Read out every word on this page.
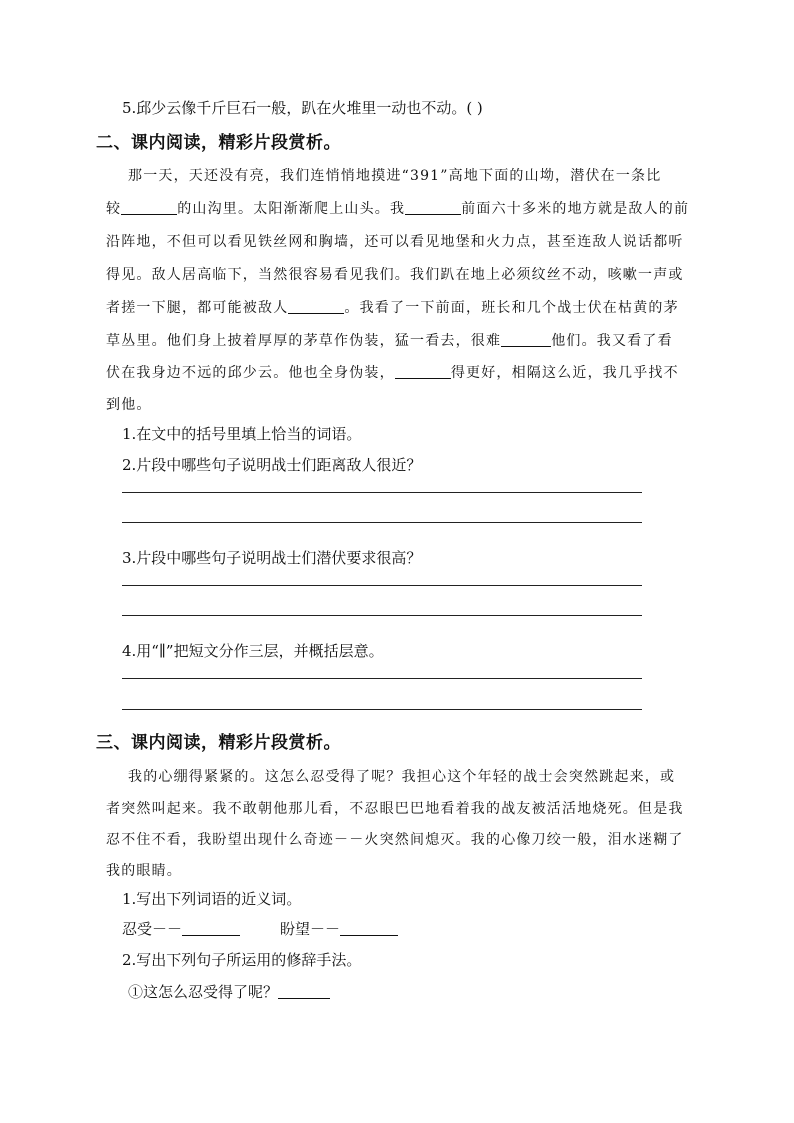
5.邱少云像千斤巨石一般，趴在火堆里一动也不动。( )
二、课内阅读，精彩片段赏析。
那一天，天还没有亮，我们连悄悄地摸进“391”高地下面的山坳，潜伏在一条比
较	的山沟里。太阳渐渐爬上山头。我	前面六十多米的地方就是敌人的前
沿阵地，不但可以看见铁丝网和胸墙，还可以看见地堡和火力点，甚至连敌人说话都听
得见。敌人居高临下，当然很容易看见我们。我们趴在地上必须纹丝不动，咳嗽一声或
者搓一下腿，都可能被敌人	。我看了一下前面，班长和几个战士伏在枯黄的茅
草丛里。他们身上披着厚厚的茅草作伪装，猛一看去，很难	他们。我又看了看
伏在我身边不远的邱少云。他也全身伪装，	得更好，相隔这么近，我几乎找不
到他。
1.在文中的括号里填上恰当的词语。
2.片段中哪些句子说明战士们距离敌人很近？
3.片段中哪些句子说明战士们潜伏要求很高？
4.用“∥”把短文分作三层，并概括层意。
三、课内阅读，精彩片段赏析。
我的心绷得紧紧的。这怎么忍受得了呢？我担心这个年轻的战士会突然跳起来，或
者突然叫起来。我不敢朝他那儿看，不忍眼巴巴地看着我的战友被活活地烧死。但是我
忍不住不看，我盼望出现什么奇迹－－火突然间熄灭。我的心像刀绞一般，泪水迷糊了
我的眼睛。
1.写出下列词语的近义词。
忍受－－	盼望－－
2.写出下列句子所运用的修辞手法。
①这怎么忍受得了呢？
